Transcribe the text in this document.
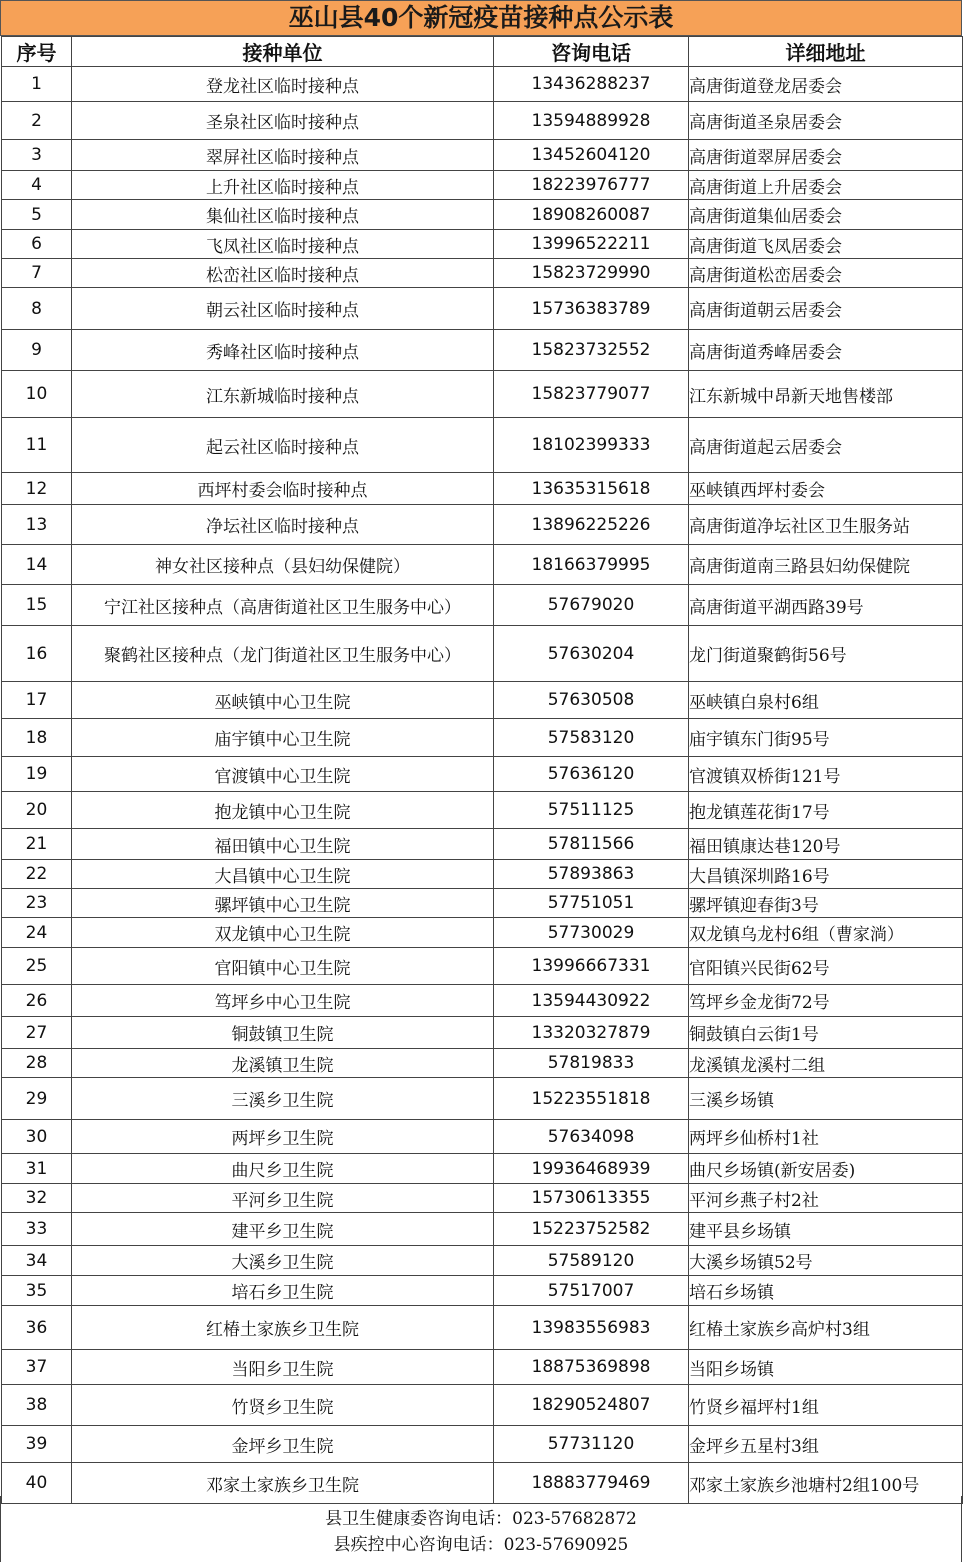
巫山县40个新冠疫苗接种点公示表
序号	接种单位	咨询电话	详细地址
1	登龙社区临时接种点	13436288237	高唐街道登龙居委会
2	圣泉社区临时接种点	13594889928	高唐街道圣泉居委会
3	翠屏社区临时接种点	13452604120	高唐街道翠屏居委会
4	上升社区临时接种点	18223976777	高唐街道上升居委会
5	集仙社区临时接种点	18908260087	高唐街道集仙居委会
6	飞凤社区临时接种点	13996522211	高唐街道飞凤居委会
7	松峦社区临时接种点	15823729990	高唐街道松峦居委会
8	朝云社区临时接种点	15736383789	高唐街道朝云居委会
9	秀峰社区临时接种点	15823732552	高唐街道秀峰居委会
10	江东新城临时接种点	15823779077	江东新城中昂新天地售楼部
11	起云社区临时接种点	18102399333	高唐街道起云居委会
12	西坪村委会临时接种点	13635315618	巫峡镇西坪村委会
13	净坛社区临时接种点	13896225226	高唐街道净坛社区卫生服务站
14	神女社区接种点（县妇幼保健院）	18166379995	高唐街道南三路县妇幼保健院
15	宁江社区接种点（高唐街道社区卫生服务中心）	57679020	高唐街道平湖西路39号
16	聚鹤社区接种点（龙门街道社区卫生服务中心）	57630204	龙门街道聚鹤街56号
17	巫峡镇中心卫生院	57630508	巫峡镇白泉村6组
18	庙宇镇中心卫生院	57583120	庙宇镇东门街95号
19	官渡镇中心卫生院	57636120	官渡镇双桥街121号
20	抱龙镇中心卫生院	57511125	抱龙镇莲花街17号
21	福田镇中心卫生院	57811566	福田镇康达巷120号
22	大昌镇中心卫生院	57893863	大昌镇深圳路16号
23	骡坪镇中心卫生院	57751051	骡坪镇迎春街3号
24	双龙镇中心卫生院	57730029	双龙镇乌龙村6组（曹家淌）
25	官阳镇中心卫生院	13996667331	官阳镇兴民街62号
26	笃坪乡中心卫生院	13594430922	笃坪乡金龙街72号
27	铜鼓镇卫生院	13320327879	铜鼓镇白云街1号
28	龙溪镇卫生院	57819833	龙溪镇龙溪村二组
29	三溪乡卫生院	15223551818	三溪乡场镇
30	两坪乡卫生院	57634098	两坪乡仙桥村1社
31	曲尺乡卫生院	19936468939	曲尺乡场镇(新安居委)
32	平河乡卫生院	15730613355	平河乡燕子村2社
33	建平乡卫生院	15223752582	建平县乡场镇
34	大溪乡卫生院	57589120	大溪乡场镇52号
35	培石乡卫生院	57517007	培石乡场镇
36	红椿土家族乡卫生院	13983556983	红椿土家族乡高炉村3组
37	当阳乡卫生院	18875369898	当阳乡场镇
38	竹贤乡卫生院	18290524807	竹贤乡福坪村1组
39	金坪乡卫生院	57731120	金坪乡五星村3组
40	邓家土家族乡卫生院	18883779469	邓家土家族乡池塘村2组100号
县卫生健康委咨询电话：023-57682872
县疾控中心咨询电话：023-57690925
